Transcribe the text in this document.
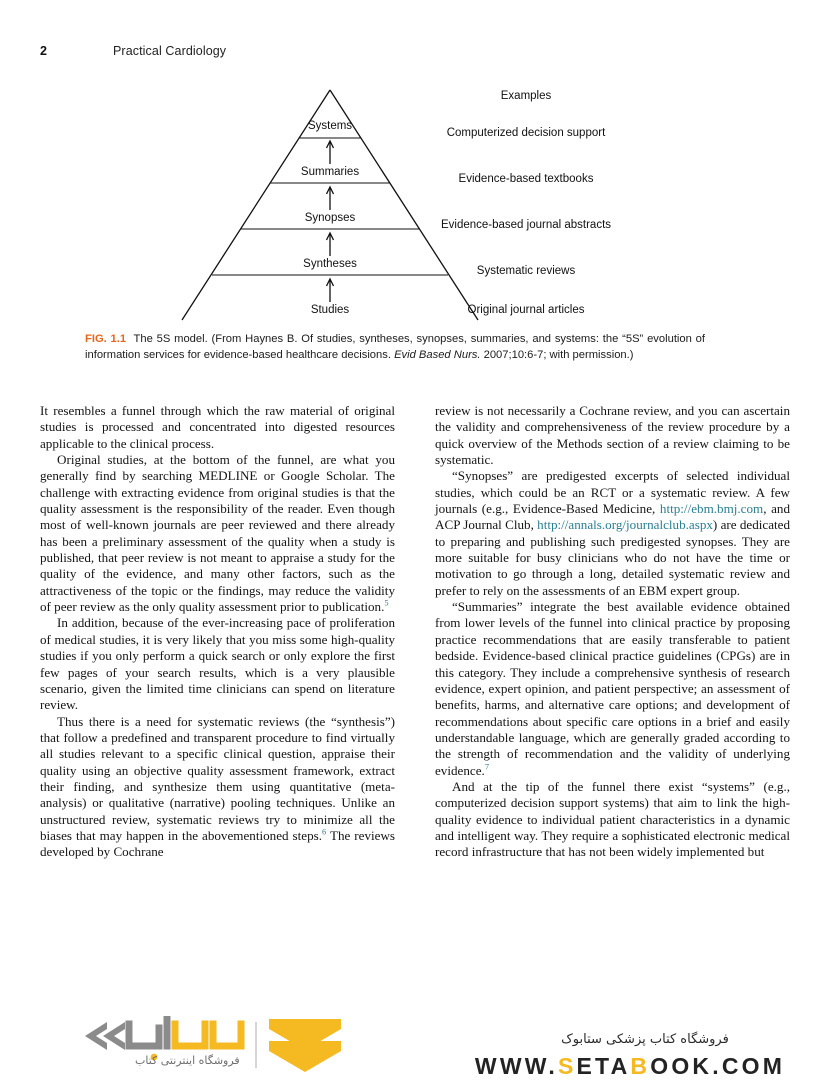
2	Practical Cardiology
Systems
Summaries
Synopses
Syntheses
Studies
Examples
Computerized decision support
Evidence-based textbooks
Evidence-based journal abstracts
Systematic reviews
Original journal articles
FIG. 1.1 The 5S model. (From Haynes B. Of studies, syntheses, synopses, summaries, and systems: the “5S” evolution of information services for evidence-based healthcare decisions. Evid Based Nurs. 2007;10:6-7; with permission.)

It resembles a funnel through which the raw material of original studies is processed and concentrated into digested resources applicable to the clinical process.

Original studies, at the bottom of the funnel, are what you generally find by searching MEDLINE or Google Scholar. The challenge with extracting evidence from original studies is that the quality assessment is the responsibility of the reader. Even though most of well-known journals are peer reviewed and there already has been a preliminary assessment of the quality when a study is published, that peer review is not meant to appraise a study for the quality of the evidence, and many other factors, such as the attractiveness of the topic or the findings, may reduce the validity of peer review as the only quality assessment prior to publication.$^5$

In addition, because of the ever-increasing pace of proliferation of medical studies, it is very likely that you miss some high-quality studies if you only perform a quick search or only explore the first few pages of your search results, which is a very plausible scenario, given the limited time clinicians can spend on literature review.

Thus there is a need for systematic reviews (the “synthesis”) that follow a predefined and transparent procedure to find virtually all studies relevant to a specific clinical question, appraise their quality using an objective quality assessment framework, extract their finding, and synthesize them using quantitative (meta-analysis) or qualitative (narrative) pooling techniques. Unlike an unstructured review, systematic reviews try to minimize all the biases that may happen in the abovementioned steps.$^6$ The reviews developed by Cochrane

review is not necessarily a Cochrane review, and you can ascertain the validity and comprehensiveness of the review procedure by a quick overview of the Methods section of a review claiming to be systematic.

“Synopses” are predigested excerpts of selected individual studies, which could be an RCT or a systematic review. A few journals (e.g., Evidence-Based Medicine, http://ebm.bmj.com, and ACP Journal Club, http://annals.org/journalclub.aspx) are dedicated to preparing and publishing such predigested synopses. They are more suitable for busy clinicians who do not have the time or motivation to go through a long, detailed systematic review and prefer to rely on the assessments of an EBM expert group.

“Summaries” integrate the best available evidence obtained from lower levels of the funnel into clinical practice by proposing practice recommendations that are easily transferable to patient bedside. Evidence-based clinical practice guidelines (CPGs) are in this category. They include a comprehensive synthesis of research evidence, expert opinion, and patient perspective; an assessment of benefits, harms, and alternative care options; and development of recommendations about specific care options in a brief and easily understandable language, which are generally graded according to the strength of recommendation and the validity of underlying evidence.$^7$

And at the tip of the funnel there exist “systems” (e.g., computerized decision support systems) that aim to link the high-quality evidence to individual patient characteristics in a dynamic and intelligent way. They require a sophisticated electronic medical record infrastructure that has not been widely implemented but

فروشگاه اینترنتی کتاب
فروشگاه کتاب پزشکی ستابوک
WWW.SETABOOK.COM
